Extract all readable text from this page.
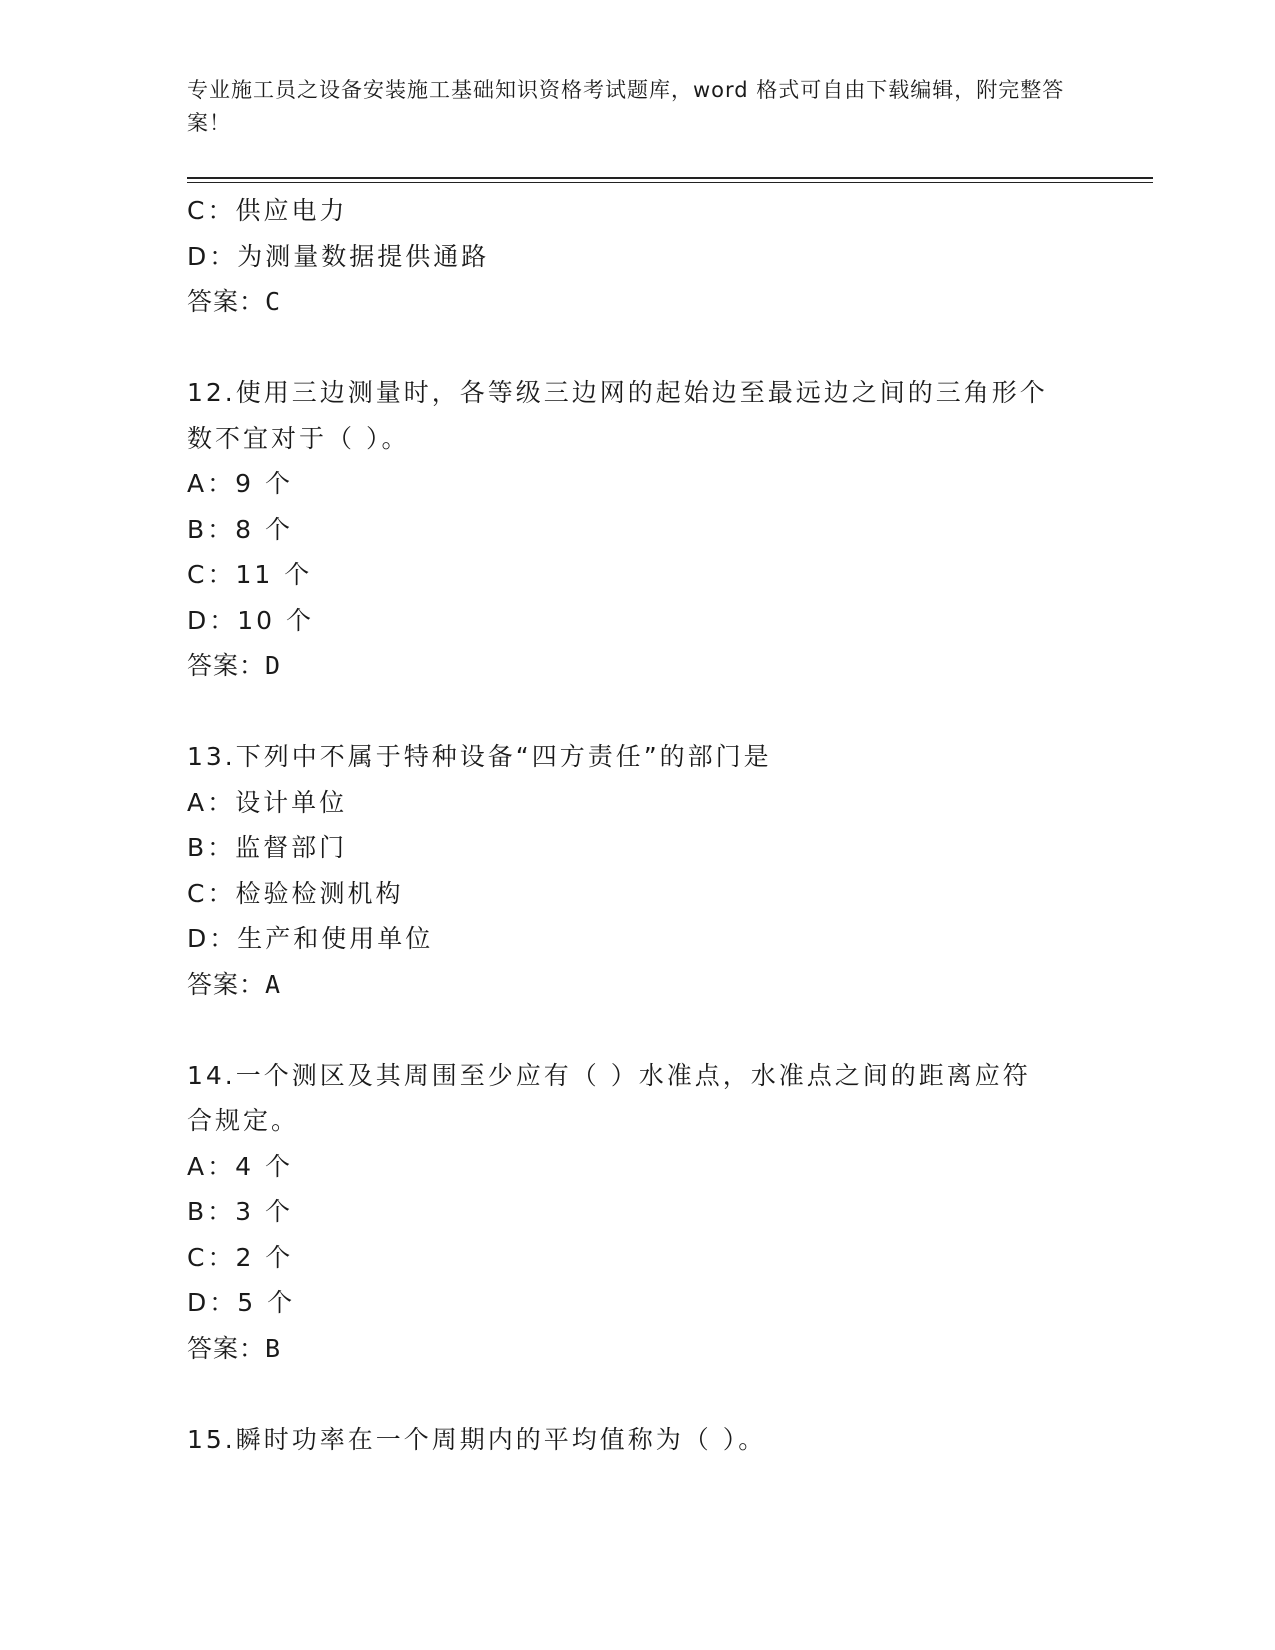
专业施工员之设备安装施工基础知识资格考试题库，word 格式可自由下载编辑，附完整答案！
C：供应电力
D：为测量数据提供通路
答案：C
12.使用三边测量时，各等级三边网的起始边至最远边之间的三角形个
数不宜对于（ ）。
A：9 个
B：8 个
C：11 个
D：10 个
答案：D
13.下列中不属于特种设备“四方责任”的部门是
A：设计单位
B：监督部门
C：检验检测机构
D：生产和使用单位
答案：A
14.一个测区及其周围至少应有（ ）水准点，水准点之间的距离应符
合规定。
A：4 个
B：3 个
C：2 个
D：5 个
答案：B
15.瞬时功率在一个周期内的平均值称为（ ）。
